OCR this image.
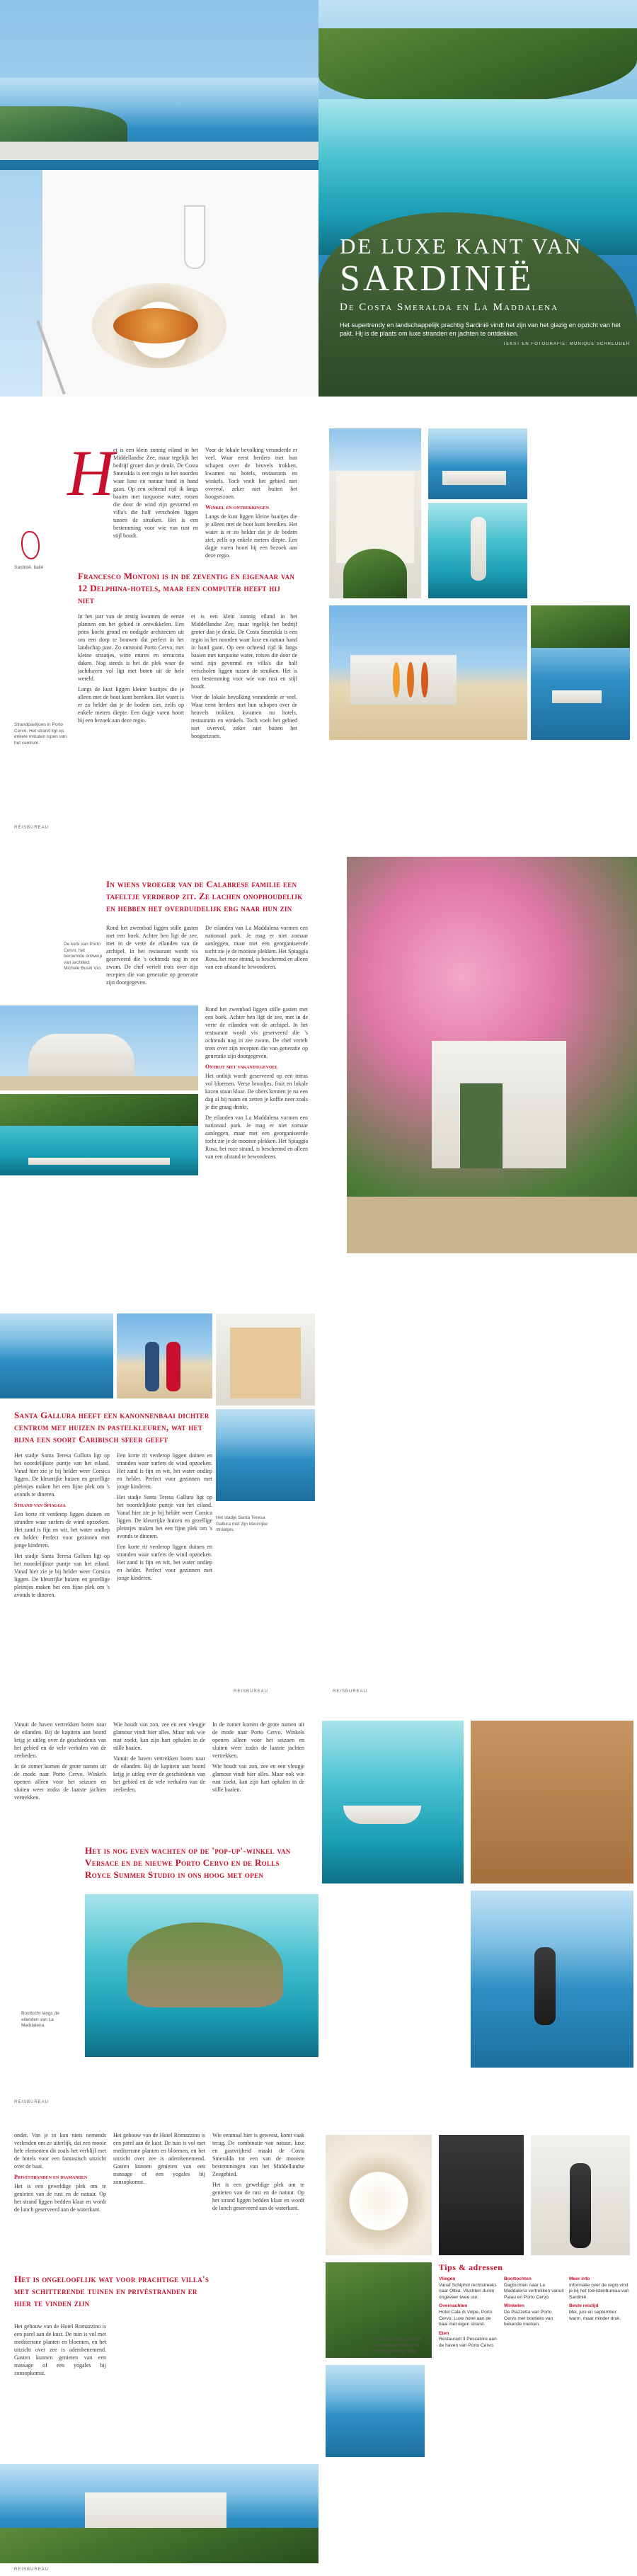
DE LUXE KANT VAN
SARDINIË
De Costa Smeralda en La Maddalena
Het supertrendy en landschappelijk prachtig Sardinië vindt het zijn van het glazig en opzicht van het pakt. Hij is de plaats om luxe stranden en jachten te ontdekken.
TEKST EN FOTOGRAFIE: MONIQUE SCHREUDER
H

et is een klein zonnig eiland in het Middellandse Zee, maar tegelijk het bedrijf groter dan je denkt. De Costa Smeralda is een regio in het noorden waar luxe en natuur hand in hand gaan. Op een ochtend rijd ik langs baaien met turquoise water, rotsen die door de wind zijn gevormd en villa's die half verscholen liggen tussen de struiken. Het is een bestemming voor wie van rust en stijl houdt.

Voor de lokale bevolking veranderde er veel. Waar eerst herders met hun schapen over de heuvels trokken, kwamen nu hotels, restaurants en winkels. Toch voelt het gebied niet overvol, zeker niet buiten het hoogseizoen.

Winkel en ontdekkingen

Langs de kust liggen kleine baaitjes die je alleen met de boot kunt bereiken. Het water is er zo helder dat je de bodem ziet, zelfs op enkele meters diepte. Een dagje varen hoort bij een bezoek aan deze regio.

Sardinië, Italië
Francesco Montoni is in de zeventig en eigenaar van 12 Delphina-hotels, maar een computer heeft hij niet

In het jaar van de zestig kwamen de eerste plannen om het gebied te ontwikkelen. Een prins kocht grond en nodigde architecten uit om een dorp te bouwen dat perfect in het landschap past. Zo ontstond Porto Cervo, met kleine straatjes, witte muren en terracotta daken. Nog steeds is het de plek waar de jachthaven vol ligt met boten uit de hele wereld.

Langs de kust liggen kleine baaitjes die je alleen met de boot kunt bereiken. Het water is er zo helder dat je de bodem ziet, zelfs op enkele meters diepte. Een dagje varen hoort bij een bezoek aan deze regio.

et is een klein zonnig eiland in het Middellandse Zee, maar tegelijk het bedrijf groter dan je denkt. De Costa Smeralda is een regio in het noorden waar luxe en natuur hand in hand gaan. Op een ochtend rijd ik langs baaien met turquoise water, rotsen die door de wind zijn gevormd en villa's die half verscholen liggen tussen de struiken. Het is een bestemming voor wie van rust en stijl houdt.

Voor de lokale bevolking veranderde er veel. Waar eerst herders met hun schapen over de heuvels trokken, kwamen nu hotels, restaurants en winkels. Toch voelt het gebied niet overvol, zeker niet buiten het hoogseizoen.

Strandpaviljoen in Porto Cervo. Het strand ligt op enkele minuten lopen van het centrum.
REISBUREAU
In wiens vroeger van de Calabrese familie een tafeltje verderop zit. Ze lachen onophoudelijk en hebben het overduidelijk erg naar hun zin
De kerk van Porto Cervo, het beroemde ontwerp van architect Michele Busiri Vici.

Rond het zwembad liggen stille gasten met een boek. Achter hen ligt de zee, met in de verte de eilanden van de archipel. In het restaurant wordt vis geserveerd die 's ochtends nog in zee zwom. De chef vertelt trots over zijn recepten die van generatie op generatie zijn doorgegeven.

De eilanden van La Maddalena vormen een nationaal park. Je mag er niet zomaar aanleggen, maar met een georganiseerde tocht zie je de mooiste plekken. Het Spiaggia Rosa, het roze strand, is beschermd en alleen van een afstand te bewonderen.

Rond het zwembad liggen stille gasten met een boek. Achter hen ligt de zee, met in de verte de eilanden van de archipel. In het restaurant wordt vis geserveerd die 's ochtends nog in zee zwom. De chef vertelt trots over zijn recepten die van generatie op generatie zijn doorgegeven.

Ontbijt met vakantiegevoel

Het ontbijt wordt geserveerd op een terras vol bloemen. Verse broodjes, fruit en lokale kazen staan klaar. De obers kennen je na een dag al bij naam en zetten je koffie neer zoals je die graag drinkt.

De eilanden van La Maddalena vormen een nationaal park. Je mag er niet zomaar aanleggen, maar met een georganiseerde tocht zie je de mooiste plekken. Het Spiaggia Rosa, het roze strand, is beschermd en alleen van een afstand te bewonderen.

Santa Gallura heeft een kanonnenbaai dichter centrum met huizen in pastelkleuren, wat het bijna een soort Caribisch sfeer geeft

Het stadje Santa Teresa Gallura ligt op het noordelijkste puntje van het eiland. Vanaf hier zie je bij helder weer Corsica liggen. De kleurrijke huizen en gezellige pleintjes maken het een fijne plek om 's avonds te dineren.

Strand van Spiaggia

Een korte rit verderop liggen duinen en stranden waar surfers de wind opzoeken. Het zand is fijn en wit, het water ondiep en helder. Perfect voor gezinnen met jonge kinderen.

Het stadje Santa Teresa Gallura ligt op het noordelijkste puntje van het eiland. Vanaf hier zie je bij helder weer Corsica liggen. De kleurrijke huizen en gezellige pleintjes maken het een fijne plek om 's avonds te dineren.

Een korte rit verderop liggen duinen en stranden waar surfers de wind opzoeken. Het zand is fijn en wit, het water ondiep en helder. Perfect voor gezinnen met jonge kinderen.

Het stadje Santa Teresa Gallura ligt op het noordelijkste puntje van het eiland. Vanaf hier zie je bij helder weer Corsica liggen. De kleurrijke huizen en gezellige pleintjes maken het een fijne plek om 's avonds te dineren.

Een korte rit verderop liggen duinen en stranden waar surfers de wind opzoeken. Het zand is fijn en wit, het water ondiep en helder. Perfect voor gezinnen met jonge kinderen.

Het stadje Santa Teresa Gallura met zijn kleurrijke straatjes.
REISBUREAU	REISBUREAU

Vanuit de haven vertrekken boten naar de eilanden. Bij de kapitein aan boord krijg je uitleg over de geschiedenis van het gebied en de vele verhalen van de zeelieden.

In de zomer komen de grote namen uit de mode naar Porto Cervo. Winkels openen alleen voor het seizoen en sluiten weer zodra de laatste jachten vertrekken.

Wie houdt van zon, zee en een vleugje glamour vindt hier alles. Maar ook wie rust zoekt, kan zijn hart ophalen in de stille baaien.

Vanuit de haven vertrekken boten naar de eilanden. Bij de kapitein aan boord krijg je uitleg over de geschiedenis van het gebied en de vele verhalen van de zeelieden.

In de zomer komen de grote namen uit de mode naar Porto Cervo. Winkels openen alleen voor het seizoen en sluiten weer zodra de laatste jachten vertrekken.

Wie houdt van zon, zee en een vleugje glamour vindt hier alles. Maar ook wie rust zoekt, kan zijn hart ophalen in de stille baaien.

Het is nog even wachten op de 'pop-up'-winkel van Versace en de nieuwe Porto Cervo en de Rolls Royce Summer Studio in ons hoog met open
Boottocht langs de eilanden van La Maddalena.
REISBUREAU

onder. Van je in kon niets nemends verlenden om ze uiterlijk, dat een mooie hele elementen dit zoals het verblijf met de hotels voor een fantastisch uitzicht over de baai.

Privéstranden en diamanden

Het is een geweldige plek om te genieten van de rust en de natuur. Op het strand liggen bedden klaar en wordt de lunch geserveerd aan de waterkant.

Het gebouw van de Hotel Romazzino is een parel aan de kust. De tuin is vol met mediterrane planten en bloemen, en het uitzicht over zee is adembenemend. Gasten kunnen genieten van een massage of een yogales bij zonsopkomst.

Wie eenmaal hier is geweest, komt vaak terug. De combinatie van natuur, luxe en gastvrijheid maakt de Costa Smeralda tot een van de mooiste bestemmingen van het Middellandse Zeegebied.

Het is een geweldige plek om te genieten van de rust en de natuur. Op het strand liggen bedden klaar en wordt de lunch geserveerd aan de waterkant.

Het is ongelooflijk wat voor prachtige villa's met schitterende tuinen en privéstranden er hier te vinden zijn

Het gebouw van de Hotel Romazzino is een parel aan de kust. De tuin is vol met mediterrane planten en bloemen, en het uitzicht over zee is adembenemend. Gasten kunnen genieten van een massage of een yogales bij zonsopkomst.

REISBUREAU
Cala di Volpe. Een van de fraaiste hotels met uitzicht over de baai.
Tips & adressen
Vliegen
Vanaf Schiphol rechtstreeks naar Olbia. Vluchten duren ongeveer twee uur.
Overnachten
Hotel Cala di Volpe, Porto Cervo. Luxe hotel aan de baai met eigen strand.
Eten
Restaurant Il Pescatore aan de haven van Porto Cervo.
Boottochten
Dagtochten naar La Maddalena vertrekken vanuit Palau en Porto Cervo.
Winkelen
De Piazzetta van Porto Cervo met boetieks van bekende merken.
Meer info
Informatie over de regio vind je bij het toeristenbureau van Sardinië.
Beste reistijd
Mei, juni en september: warm, maar minder druk.
